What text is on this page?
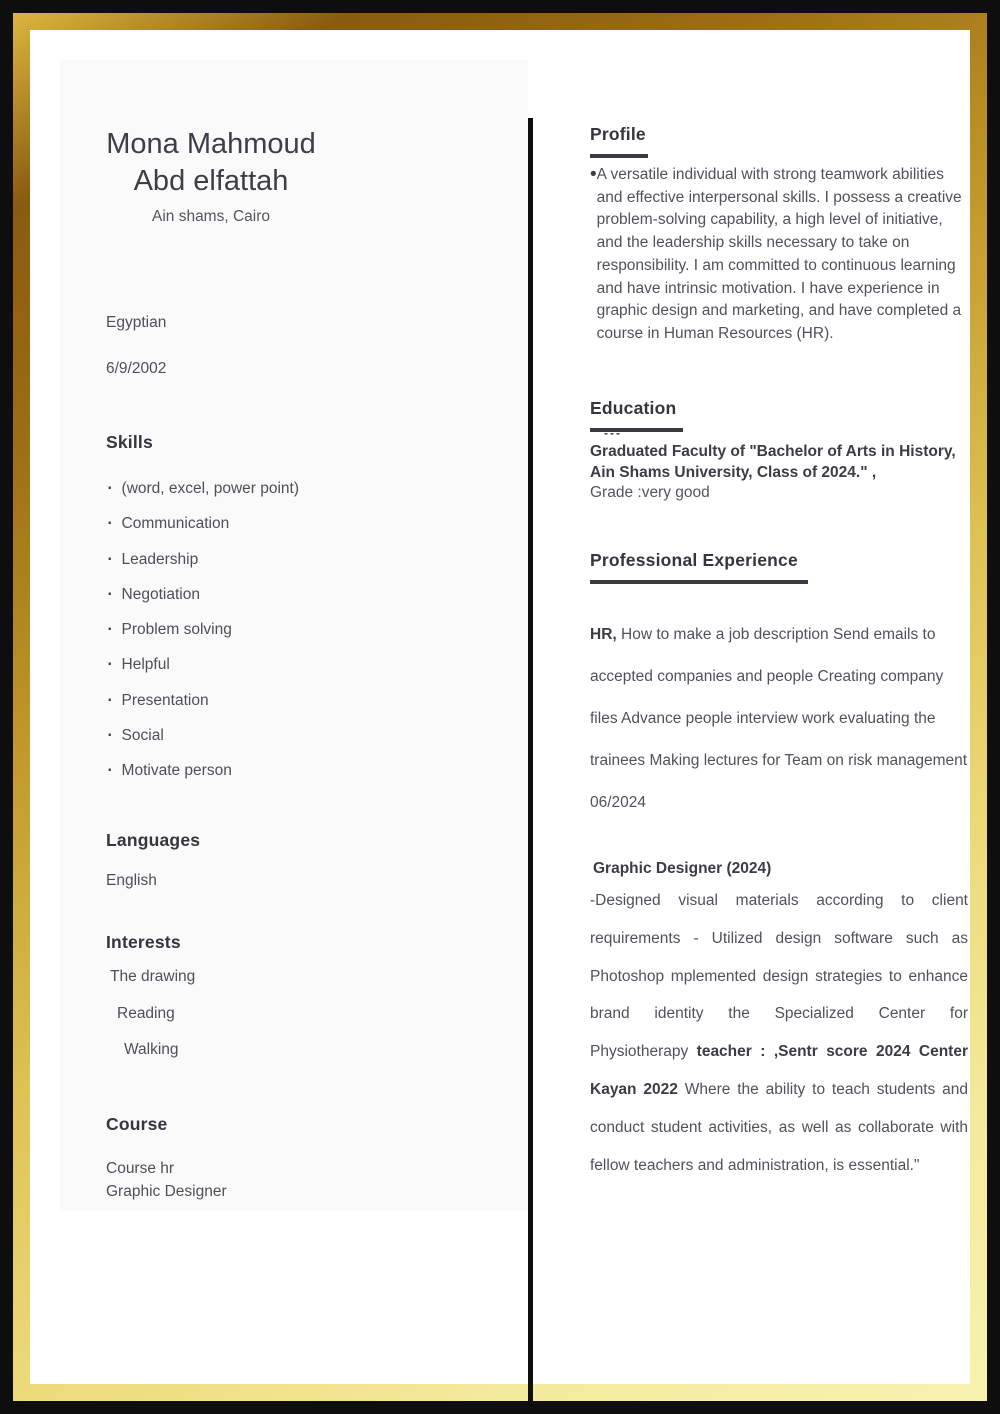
Mona Mahmoud
Abd elfattah
Ain shams, Cairo
Egyptian
6/9/2002
Skills
▪ (word, excel, power point)
▪ Communication
▪ Leadership
▪ Negotiation
▪ Problem solving
▪ Helpful
▪ Presentation
▪ Social
▪ Motivate person
Languages
English
Interests
The drawing
Reading
Walking
Course
Course hr
Graphic Designer
Profile
• A versatile individual with strong teamwork abilities and effective interpersonal skills. I possess a creative problem-solving capability, a high level of initiative, and the leadership skills necessary to take on responsibility. I am committed to continuous learning and have intrinsic motivation. I have experience in graphic design and marketing, and have completed a course in Human Resources (HR).
Education
---
Graduated Faculty of "Bachelor of Arts in History, Ain Shams University, Class of 2024." ,
Grade :very good
Professional Experience
HR, How to make a job description Send emails to accepted companies and people Creating company files Advance people interview work evaluating the trainees Making lectures for Team on risk management 06/2024
Graphic Designer (2024)
-Designed visual materials according to client requirements - Utilized design software such as Photoshop mplemented design strategies to enhance brand identity the Specialized Center for Physiotherapy teacher : ,Sentr score 2024 Center Kayan 2022 Where the ability to teach students and conduct student activities, as well as collaborate with fellow teachers and administration, is essential."
